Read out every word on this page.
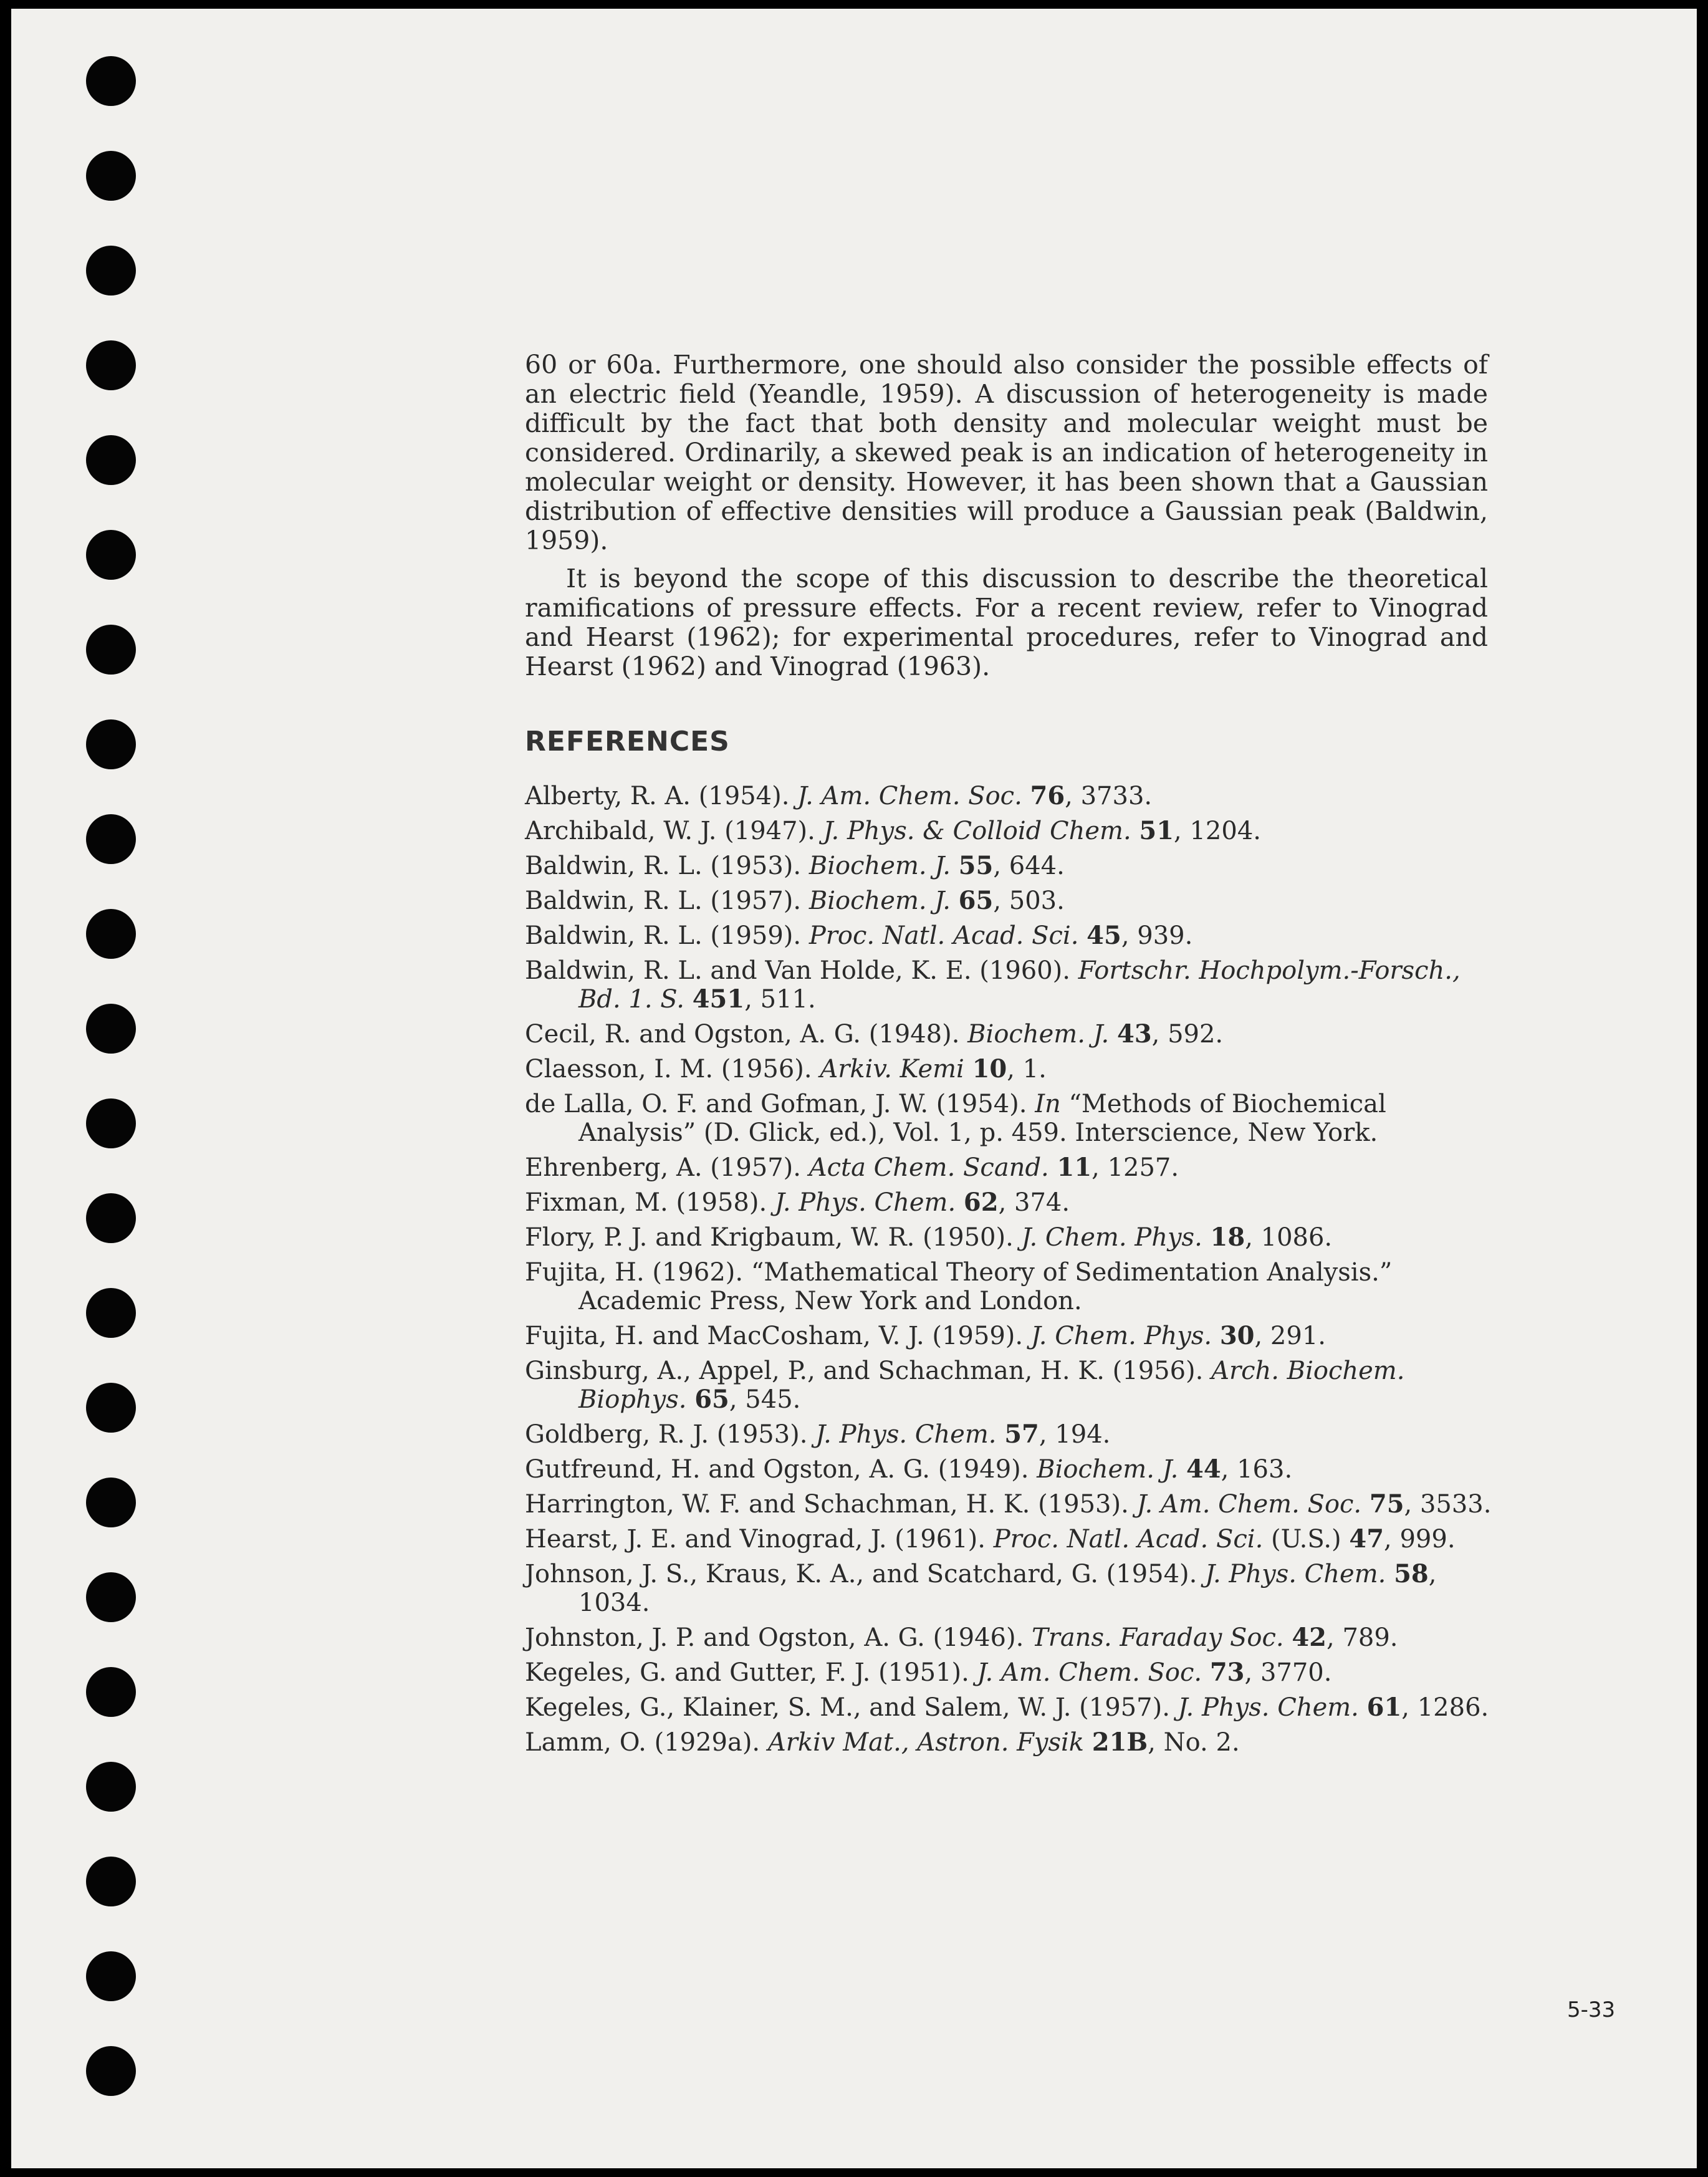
60 or 60a. Furthermore, one should also consider the possible effects of an electric field (Yeandle, 1959). A discussion of heterogeneity is made difficult by the fact that both density and molecular weight must be considered. Ordinarily, a skewed peak is an indication of heterogeneity in molecular weight or density. However, it has been shown that a Gaussian distribution of effective densities will produce a Gaussian peak (Baldwin, 1959).

It is beyond the scope of this discussion to describe the theoretical ramifications of pressure effects. For a recent review, refer to Vinograd and Hearst (1962); for experimental procedures, refer to Vinograd and Hearst (1962) and Vinograd (1963).

REFERENCES
Alberty, R. A. (1954). J. Am. Chem. Soc. 76, 3733.
Archibald, W. J. (1947). J. Phys. & Colloid Chem. 51, 1204.
Baldwin, R. L. (1953). Biochem. J. 55, 644.
Baldwin, R. L. (1957). Biochem. J. 65, 503.
Baldwin, R. L. (1959). Proc. Natl. Acad. Sci. 45, 939.
Baldwin, R. L. and Van Holde, K. E. (1960). Fortschr. Hochpolym.-Forsch., Bd. 1. S. 451, 511.
Cecil, R. and Ogston, A. G. (1948). Biochem. J. 43, 592.
Claesson, I. M. (1956). Arkiv. Kemi 10, 1.
de Lalla, O. F. and Gofman, J. W. (1954). In “Methods of Biochemical Analysis” (D. Glick, ed.), Vol. 1, p. 459. Interscience, New York.
Ehrenberg, A. (1957). Acta Chem. Scand. 11, 1257.
Fixman, M. (1958). J. Phys. Chem. 62, 374.
Flory, P. J. and Krigbaum, W. R. (1950). J. Chem. Phys. 18, 1086.
Fujita, H. (1962). “Mathematical Theory of Sedimentation Analysis.” Academic Press, New York and London.
Fujita, H. and MacCosham, V. J. (1959). J. Chem. Phys. 30, 291.
Ginsburg, A., Appel, P., and Schachman, H. K. (1956). Arch. Biochem. Biophys. 65, 545.
Goldberg, R. J. (1953). J. Phys. Chem. 57, 194.
Gutfreund, H. and Ogston, A. G. (1949). Biochem. J. 44, 163.
Harrington, W. F. and Schachman, H. K. (1953). J. Am. Chem. Soc. 75, 3533.
Hearst, J. E. and Vinograd, J. (1961). Proc. Natl. Acad. Sci. (U.S.) 47, 999.
Johnson, J. S., Kraus, K. A., and Scatchard, G. (1954). J. Phys. Chem. 58, 1034.
Johnston, J. P. and Ogston, A. G. (1946). Trans. Faraday Soc. 42, 789.
Kegeles, G. and Gutter, F. J. (1951). J. Am. Chem. Soc. 73, 3770.
Kegeles, G., Klainer, S. M., and Salem, W. J. (1957). J. Phys. Chem. 61, 1286.
Lamm, O. (1929a). Arkiv Mat., Astron. Fysik 21B, No. 2.
5-33
